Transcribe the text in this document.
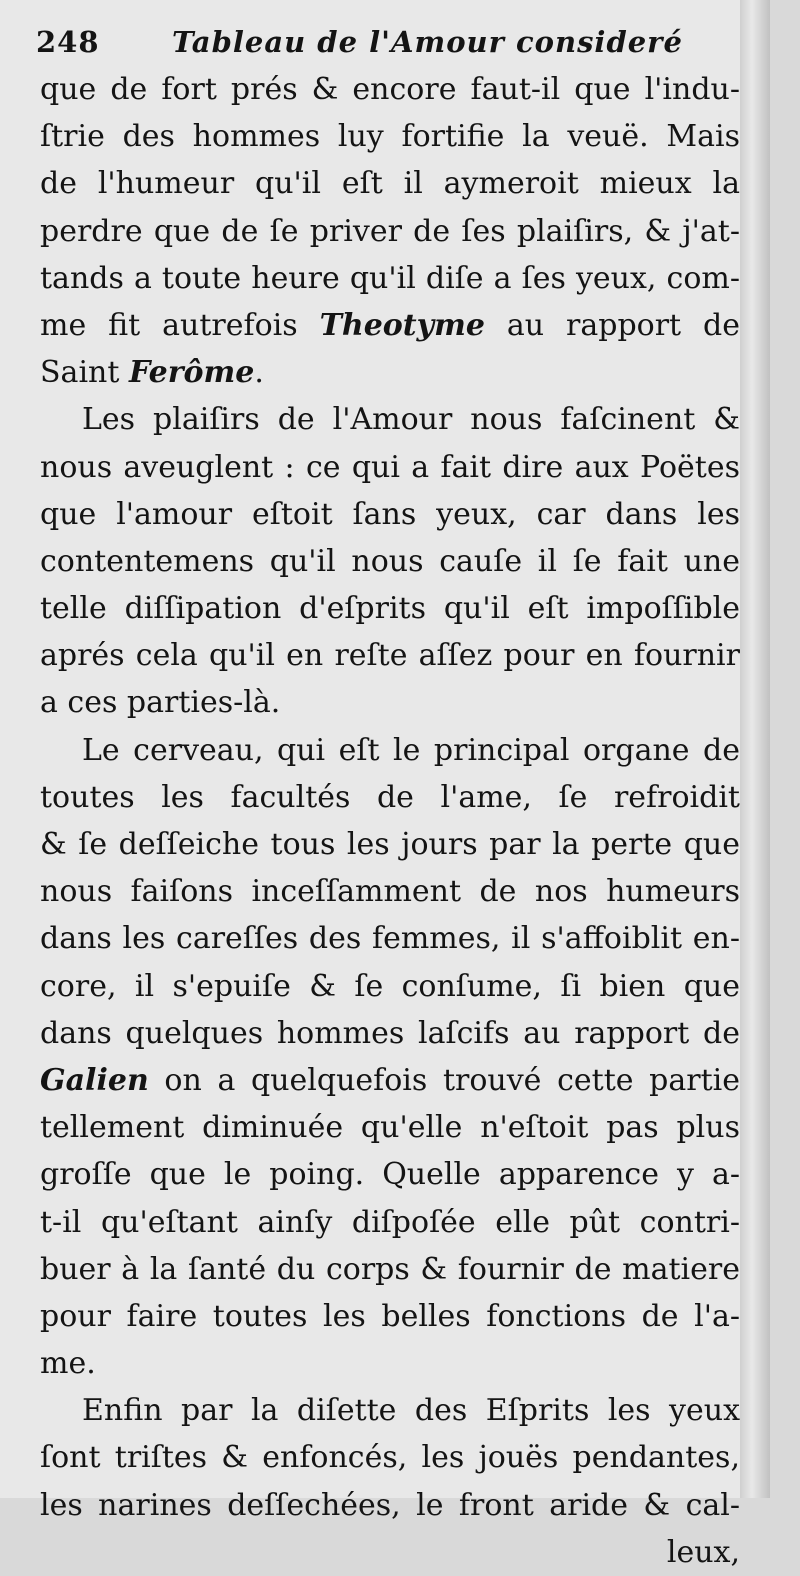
248 Tableau de l'Amour consideré
que de fort prés & encore faut-il que l'indu-
ſtrie des hommes luy fortifie la veuë. Mais
de l'humeur qu'il eſt il aymeroit mieux la
perdre que de ſe priver de ſes plaiſirs, & j'at-
tands a toute heure qu'il diſe a ſes yeux, com-
me fit autrefois Theotyme au rapport de
Saint Ferôme.
Les plaiſirs de l'Amour nous faſcinent &
nous aveuglent : ce qui a fait dire aux Poëtes
que l'amour eſtoit ſans yeux, car dans les
contentemens qu'il nous cauſe il ſe fait une
telle diſſipation d'eſprits qu'il eſt impoſſible
aprés cela qu'il en reſte aſſez pour en fournir
a ces parties-là.
Le cerveau, qui eſt le principal organe de
toutes les facultés de l'ame, ſe refroidit
& ſe deſſeiche tous les jours par la perte que
nous faiſons inceſſamment de nos humeurs
dans les careſſes des femmes, il s'affoiblit en-
core, il s'epuiſe & ſe conſume, ſi bien que
dans quelques hommes laſcifs au rapport de
Galien on a quelquefois trouvé cette partie
tellement diminuée qu'elle n'eſtoit pas plus
groſſe que le poing. Quelle apparence y a-
t-il qu'eſtant ainſy diſpoſée elle pût contri-
buer à la ſanté du corps & fournir de matiere
pour faire toutes les belles fonctions de l'a-
me.
Enfin par la diſette des Eſprits les yeux
ſont triſtes & enfoncés, les jouës pendantes,
les narines deſſechées, le front aride & cal-
leux,
